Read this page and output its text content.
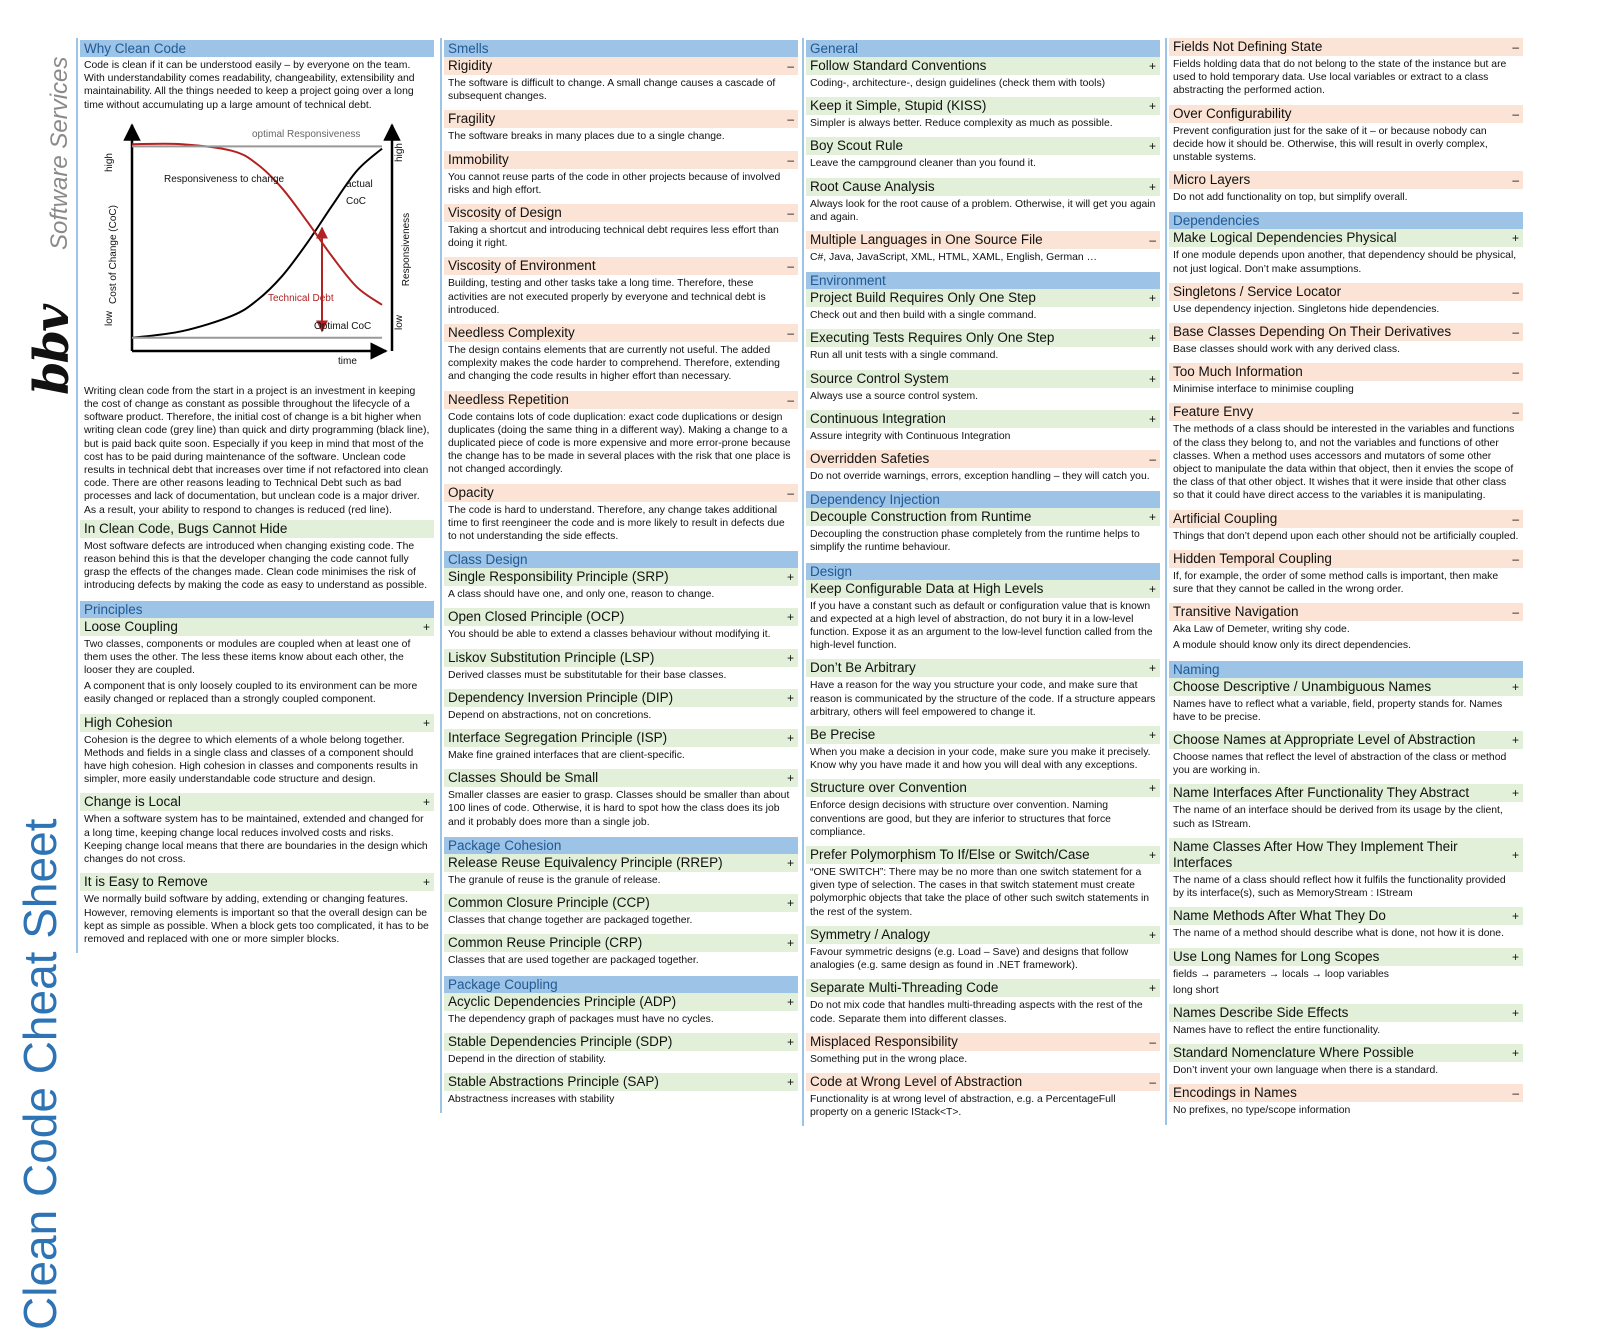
Clean Code Cheat Sheet
Software Services
bbv
Why Clean Code
Code is clean if it can be understood easily – by everyone on the team. With understandability comes readability, changeability, extensibility and maintainability. All the things needed to keep a project going over a long time without accumulating up a large amount of technical debt.
optimal Responsiveness
Responsiveness to change	actual
CoC
Technical Debt
Optimal CoC
time
high
low
Cost of Change (CoC)
high
low
Responsiveness
Writing clean code from the start in a project is an investment in keeping the cost of change as constant as possible throughout the lifecycle of a software product. Therefore, the initial cost of change is a bit higher when writing clean code (grey line) than quick and dirty programming (black line), but is paid back quite soon. Especially if you keep in mind that most of the cost has to be paid during maintenance of the software. Unclean code results in technical debt that increases over time if not refactored into clean code. There are other reasons leading to Technical Debt such as bad processes and lack of documentation, but unclean code is a major driver. As a result, your ability to respond to changes is reduced (red line).
In Clean Code, Bugs Cannot Hide

Most software defects are introduced when changing existing code. The reason behind this is that the developer changing the code cannot fully grasp the effects of the changes made. Clean code minimises the risk of introducing defects by making the code as easy to understand as possible.

Principles
Loose Coupling	+

Two classes, components or modules are coupled when at least one of them uses the other. The less these items know about each other, the looser they are coupled.

A component that is only loosely coupled to its environment can be more easily changed or replaced than a strongly coupled component.

High Cohesion	+

Cohesion is the degree to which elements of a whole belong together. Methods and fields in a single class and classes of a component should have high cohesion. High cohesion in classes and components results in simpler, more easily understandable code structure and design.

Change is Local	+

When a software system has to be maintained, extended and changed for a long time, keeping change local reduces involved costs and risks. Keeping change local means that there are boundaries in the design which changes do not cross.

It is Easy to Remove	+

We normally build software by adding, extending or changing features. However, removing elements is important so that the overall design can be kept as simple as possible. When a block gets too complicated, it has to be removed and replaced with one or more simpler blocks.

Smells
Rigidity	–

The software is difficult to change. A small change causes a cascade of subsequent changes.

Fragility	–

The software breaks in many places due to a single change.

Immobility	–

You cannot reuse parts of the code in other projects because of involved risks and high effort.

Viscosity of Design	–

Taking a shortcut and introducing technical debt requires less effort than doing it right.

Viscosity of Environment	–

Building, testing and other tasks take a long time. Therefore, these activities are not executed properly by everyone and technical debt is introduced.

Needless Complexity	–

The design contains elements that are currently not useful. The added complexity makes the code harder to comprehend. Therefore, extending and changing the code results in higher effort than necessary.

Needless Repetition	–

Code contains lots of code duplication: exact code duplications or design duplicates (doing the same thing in a different way). Making a change to a duplicated piece of code is more expensive and more error-prone because the change has to be made in several places with the risk that one place is not changed accordingly.

Opacity	–

The code is hard to understand. Therefore, any change takes additional time to first reengineer the code and is more likely to result in defects due to not understanding the side effects.

Class Design
Single Responsibility Principle (SRP)	+

A class should have one, and only one, reason to change.

Open Closed Principle (OCP)	+

You should be able to extend a classes behaviour without modifying it.

Liskov Substitution Principle (LSP)	+

Derived classes must be substitutable for their base classes.

Dependency Inversion Principle (DIP)	+

Depend on abstractions, not on concretions.

Interface Segregation Principle (ISP)	+

Make fine grained interfaces that are client-specific.

Classes Should be Small	+

Smaller classes are easier to grasp. Classes should be smaller than about 100 lines of code. Otherwise, it is hard to spot how the class does its job and it probably does more than a single job.

Package Cohesion
Release Reuse Equivalency Principle (RREP)	+

The granule of reuse is the granule of release.

Common Closure Principle (CCP)	+

Classes that change together are packaged together.

Common Reuse Principle (CRP)	+

Classes that are used together are packaged together.

Package Coupling
Acyclic Dependencies Principle (ADP)	+

The dependency graph of packages must have no cycles.

Stable Dependencies Principle (SDP)	+

Depend in the direction of stability.

Stable Abstractions Principle (SAP)	+

Abstractness increases with stability

General
Follow Standard Conventions	+

Coding-, architecture-, design guidelines (check them with tools)

Keep it Simple, Stupid (KISS)	+

Simpler is always better. Reduce complexity as much as possible.

Boy Scout Rule	+

Leave the campground cleaner than you found it.

Root Cause Analysis	+

Always look for the root cause of a problem. Otherwise, it will get you again and again.

Multiple Languages in One Source File	–

C#, Java, JavaScript, XML, HTML, XAML, English, German …

Environment
Project Build Requires Only One Step	+

Check out and then build with a single command.

Executing Tests Requires Only One Step	+

Run all unit tests with a single command.

Source Control System	+

Always use a source control system.

Continuous Integration	+

Assure integrity with Continuous Integration

Overridden Safeties	–

Do not override warnings, errors, exception handling – they will catch you.

Dependency Injection
Decouple Construction from Runtime	+

Decoupling the construction phase completely from the runtime helps to simplify the runtime behaviour.

Design
Keep Configurable Data at High Levels	+

If you have a constant such as default or configuration value that is known and expected at a high level of abstraction, do not bury it in a low-level function. Expose it as an argument to the low-level function called from the high-level function.

Don’t Be Arbitrary	+

Have a reason for the way you structure your code, and make sure that reason is communicated by the structure of the code. If a structure appears arbitrary, others will feel empowered to change it.

Be Precise	+

When you make a decision in your code, make sure you make it precisely. Know why you have made it and how you will deal with any exceptions.

Structure over Convention	+

Enforce design decisions with structure over convention. Naming conventions are good, but they are inferior to structures that force compliance.

Prefer Polymorphism To If/Else or Switch/Case	+

“ONE SWITCH”: There may be no more than one switch statement for a given type of selection. The cases in that switch statement must create polymorphic objects that take the place of other such switch statements in the rest of the system.

Symmetry / Analogy	+

Favour symmetric designs (e.g. Load – Save) and designs that follow analogies (e.g. same design as found in .NET framework).

Separate Multi-Threading Code	+

Do not mix code that handles multi-threading aspects with the rest of the code. Separate them into different classes.

Misplaced Responsibility	–

Something put in the wrong place.

Code at Wrong Level of Abstraction	–

Functionality is at wrong level of abstraction, e.g. a PercentageFull property on a generic IStack<T>.

Fields Not Defining State	–

Fields holding data that do not belong to the state of the instance but are used to hold temporary data. Use local variables or extract to a class abstracting the performed action.

Over Configurability	–

Prevent configuration just for the sake of it – or because nobody can decide how it should be. Otherwise, this will result in overly complex, unstable systems.

Micro Layers	–

Do not add functionality on top, but simplify overall.

Dependencies
Make Logical Dependencies Physical	+

If one module depends upon another, that dependency should be physical, not just logical. Don’t make assumptions.

Singletons / Service Locator	–

Use dependency injection. Singletons hide dependencies.

Base Classes Depending On Their Derivatives	–

Base classes should work with any derived class.

Too Much Information	–

Minimise interface to minimise coupling

Feature Envy	–

The methods of a class should be interested in the variables and functions of the class they belong to, and not the variables and functions of other classes. When a method uses accessors and mutators of some other object to manipulate the data within that object, then it envies the scope of the class of that other object. It wishes that it were inside that other class so that it could have direct access to the variables it is manipulating.

Artificial Coupling	–

Things that don’t depend upon each other should not be artificially coupled.

Hidden Temporal Coupling	–

If, for example, the order of some method calls is important, then make sure that they cannot be called in the wrong order.

Transitive Navigation	–

Aka Law of Demeter, writing shy code.

A module should know only its direct dependencies.

Naming
Choose Descriptive / Unambiguous Names	+

Names have to reflect what a variable, field, property stands for. Names have to be precise.

Choose Names at Appropriate Level of Abstraction	+

Choose names that reflect the level of abstraction of the class or method you are working in.

Name Interfaces After Functionality They Abstract	+

The name of an interface should be derived from its usage by the client, such as IStream.

Name Classes After How They Implement Their Interfaces	+

The name of a class should reflect how it fulfils the functionality provided by its interface(s), such as MemoryStream : IStream

Name Methods After What They Do	+

The name of a method should describe what is done, not how it is done.

Use Long Names for Long Scopes	+

fields → parameters → locals → loop variables

long short

Names Describe Side Effects	+

Names have to reflect the entire functionality.

Standard Nomenclature Where Possible	+

Don’t invent your own language when there is a standard.

Encodings in Names	–

No prefixes, no type/scope information
